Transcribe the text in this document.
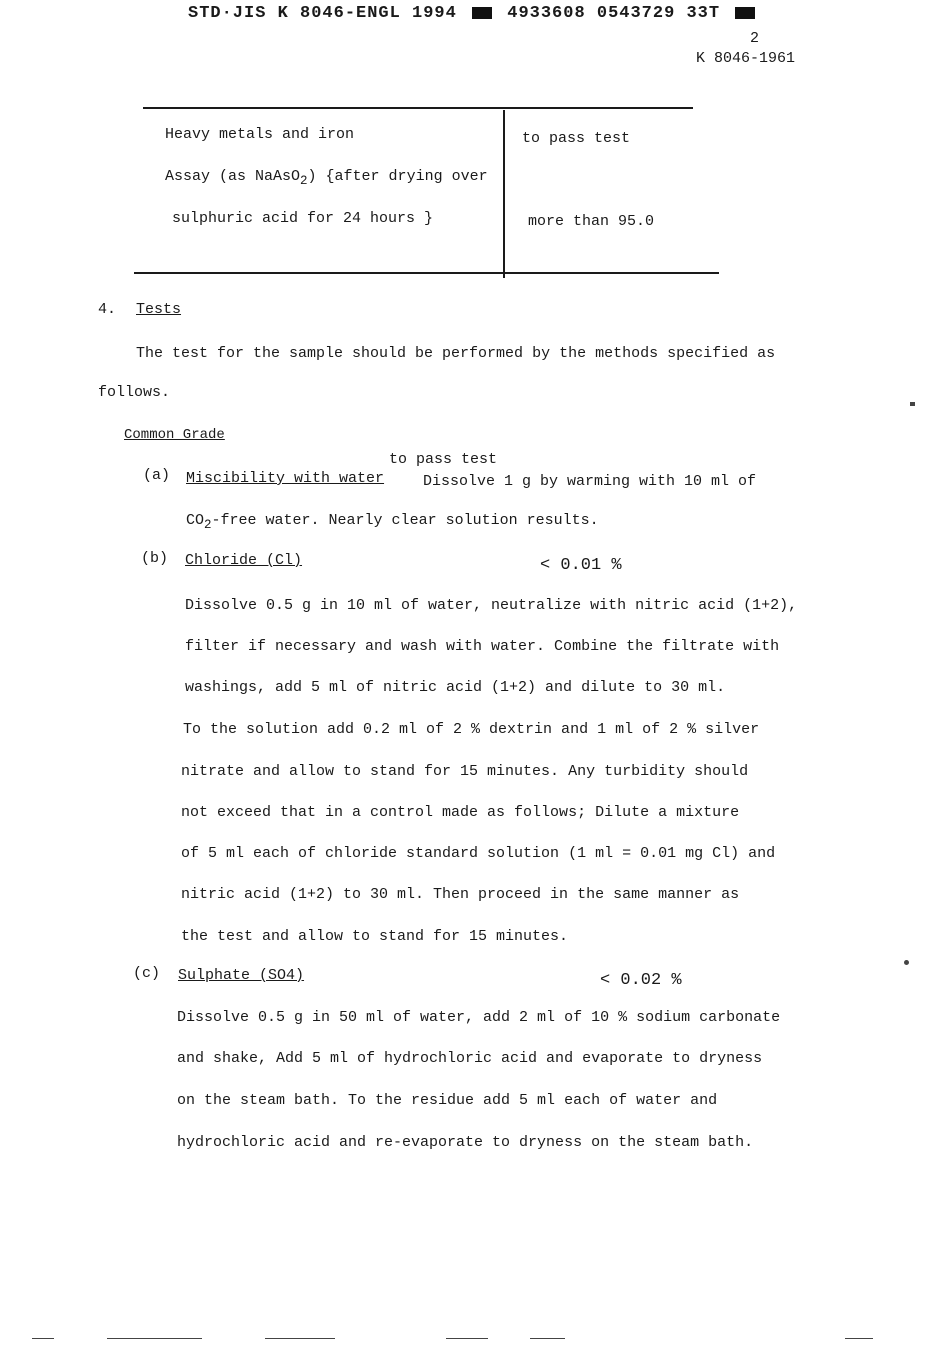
STD·JIS K 8046-ENGL 1994	4933608 0543729 33T
2
K 8046-1961
Heavy metals and iron	to pass test
Assay (as NaAsO$_2$) {after drying over
sulphuric acid for 24 hours }	more than 95.0
4. Tests
The test for the sample should be performed by the methods specified as
follows.
Common Grade
to pass test
(a) Miscibility with water	Dissolve 1 g by warming with 10 ml of
$CO_2$-free water. Nearly clear solution results.
(b) Chloride (Cl)	< 0.01 %
Dissolve 0.5 g in 10 ml of water, neutralize with nitric acid (1+2),
filter if necessary and wash with water. Combine the filtrate with
washings, add 5 ml of nitric acid (1+2) and dilute to 30 ml.
To the solution add 0.2 ml of 2 % dextrin and 1 ml of 2 % silver
nitrate and allow to stand for 15 minutes. Any turbidity should
not exceed that in a control made as follows; Dilute a mixture
of 5 ml each of chloride standard solution (1 ml = 0.01 mg Cl) and
nitric acid (1+2) to 30 ml. Then proceed in the same manner as
the test and allow to stand for 15 minutes.
(c) Sulphate (SO4)	< 0.02 %
Dissolve 0.5 g in 50 ml of water, add 2 ml of 10 % sodium carbonate
and shake, Add 5 ml of hydrochloric acid and evaporate to dryness
on the steam bath. To the residue add 5 ml each of water and
hydrochloric acid and re-evaporate to dryness on the steam bath.
